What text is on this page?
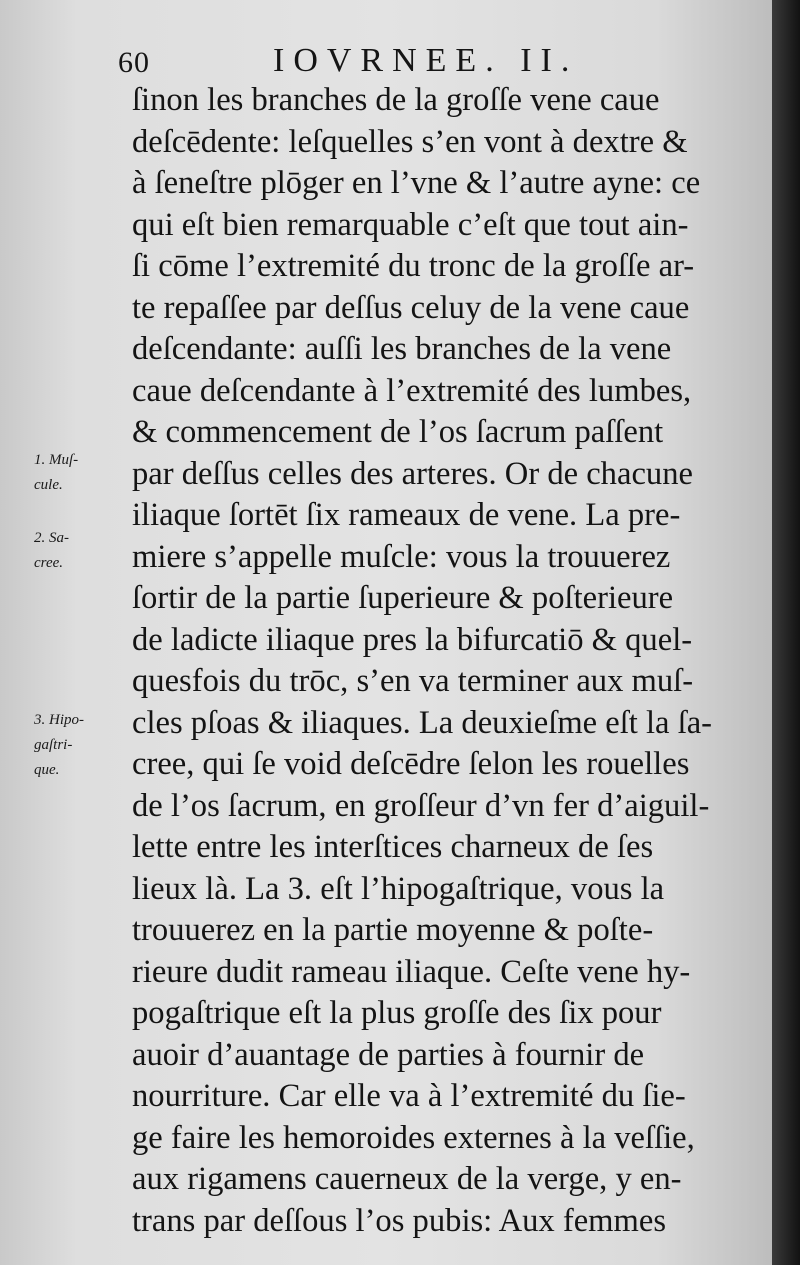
60	IOVRNEE. II.
1. Muſ-
cule.
2. Sa-
cree.
3. Hipo-
gaſtri-
que.
ſinon les branches de la groſſe vene caue
deſcēdente: leſquelles s’en vont à dextre &
à ſeneſtre plōger en l’vne & l’autre ayne: ce
qui eſt bien remarquable c’eſt que tout ain-
ſi cōme l’extremité du tronc de la groſſe ar-
te repaſſee par deſſus celuy de la vene caue
deſcendante: auſſi les branches de la vene
caue deſcendante à l’extremité des lumbes,
& commencement de l’os ſacrum paſſent
par deſſus celles des arteres. Or de chacune
iliaque ſortēt ſix rameaux de vene. La pre-
miere s’appelle muſcle: vous la trouuerez
ſortir de la partie ſuperieure & poſterieure
de ladicte iliaque pres la bifurcatiō & quel-
quesfois du trōc, s’en va terminer aux muſ-
cles pſoas & iliaques. La deuxieſme eſt la ſa-
cree, qui ſe void deſcēdre ſelon les rouelles
de l’os ſacrum, en groſſeur d’vn fer d’aiguil-
lette entre les interſtices charneux de ſes
lieux là. La 3. eſt l’hipogaſtrique, vous la
trouuerez en la partie moyenne & poſte-
rieure dudit rameau iliaque. Ceſte vene hy-
pogaſtrique eſt la plus groſſe des ſix pour
auoir d’auantage de parties à fournir de
nourriture. Car elle va à l’extremité du ſie-
ge faire les hemoroides externes à la veſſie,
aux rigamens cauerneux de la verge, y en-
trans par deſſous l’os pubis: Aux femmes
